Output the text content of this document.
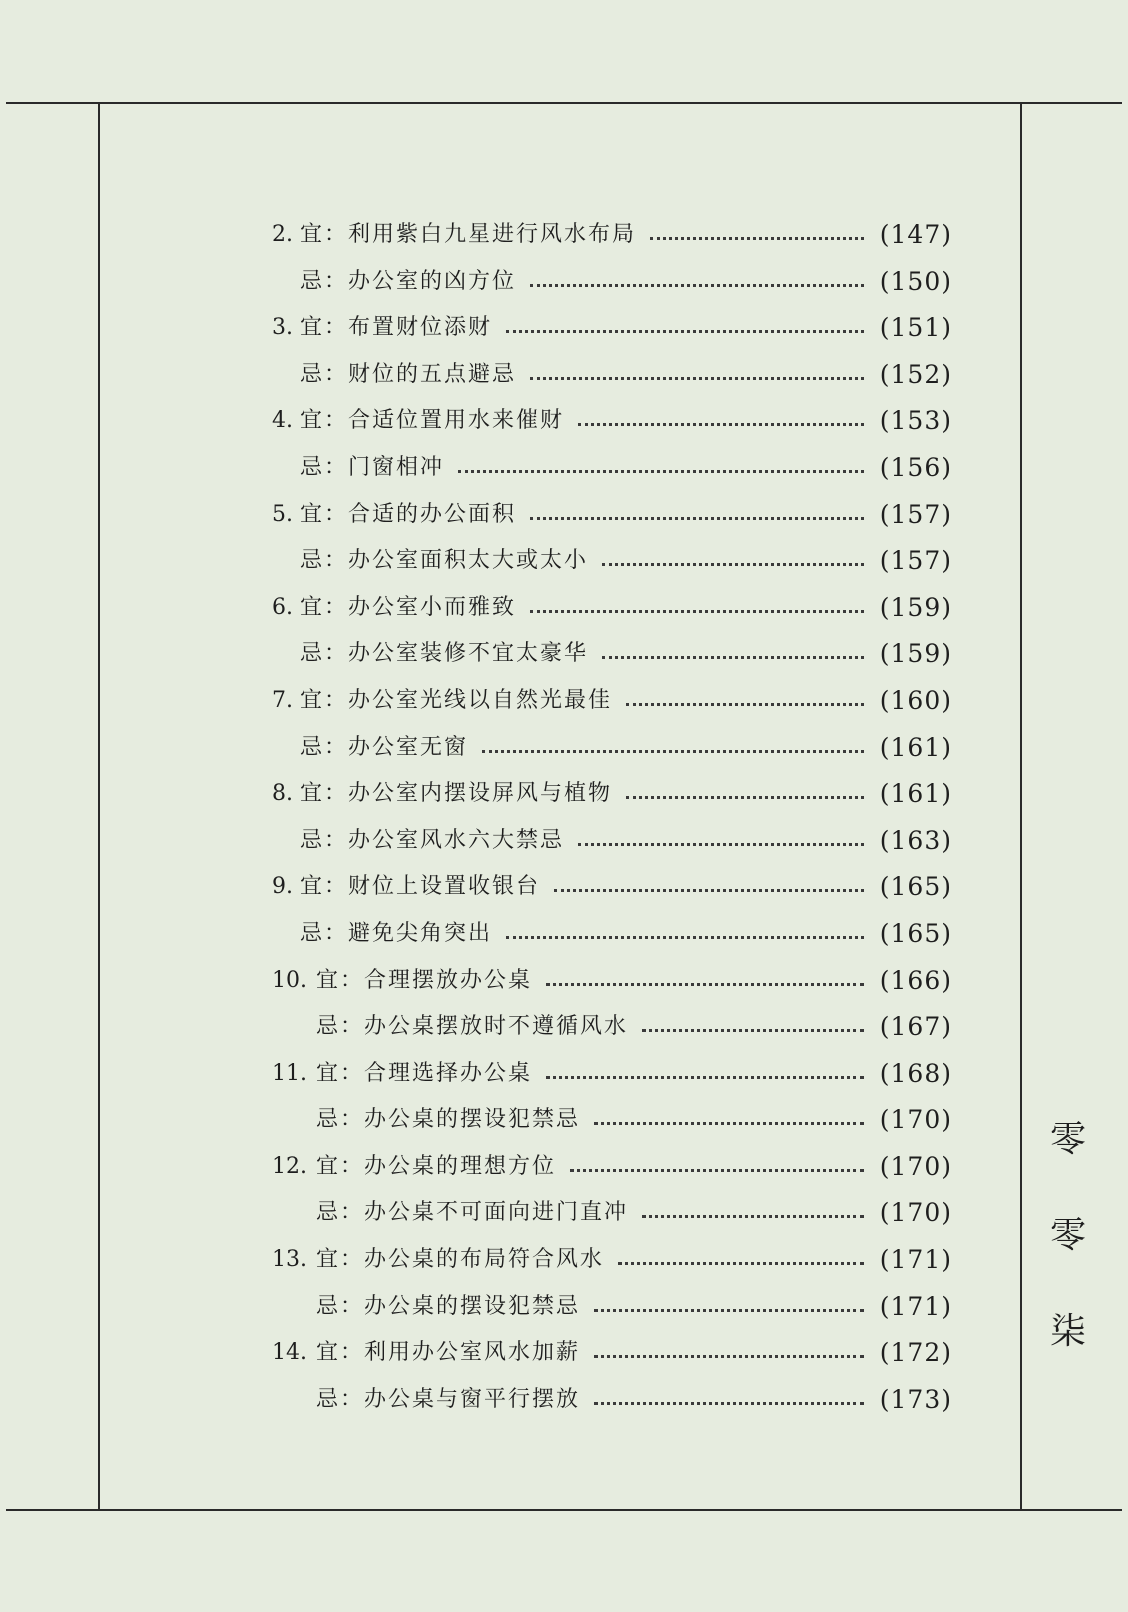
2. 宜：利用紫白九星进行风水布局	(147)
忌：办公室的凶方位	(150)
3. 宜：布置财位添财	(151)
忌：财位的五点避忌	(152)
4. 宜：合适位置用水来催财	(153)
忌：门窗相冲	(156)
5. 宜：合适的办公面积	(157)
忌：办公室面积太大或太小	(157)
6. 宜：办公室小而雅致	(159)
忌：办公室装修不宜太豪华	(159)
7. 宜：办公室光线以自然光最佳	(160)
忌：办公室无窗	(161)
8. 宜：办公室内摆设屏风与植物	(161)
忌：办公室风水六大禁忌	(163)
9. 宜：财位上设置收银台	(165)
忌：避免尖角突出	(165)
10. 宜：合理摆放办公桌	(166)
忌：办公桌摆放时不遵循风水	(167)
11. 宜：合理选择办公桌	(168)
忌：办公桌的摆设犯禁忌	(170)
12. 宜：办公桌的理想方位	(170)
忌：办公桌不可面向进门直冲	(170)
13. 宜：办公桌的布局符合风水	(171)
忌：办公桌的摆设犯禁忌	(171)
14. 宜：利用办公室风水加薪	(172)
忌：办公桌与窗平行摆放	(173)
零
零
柒
